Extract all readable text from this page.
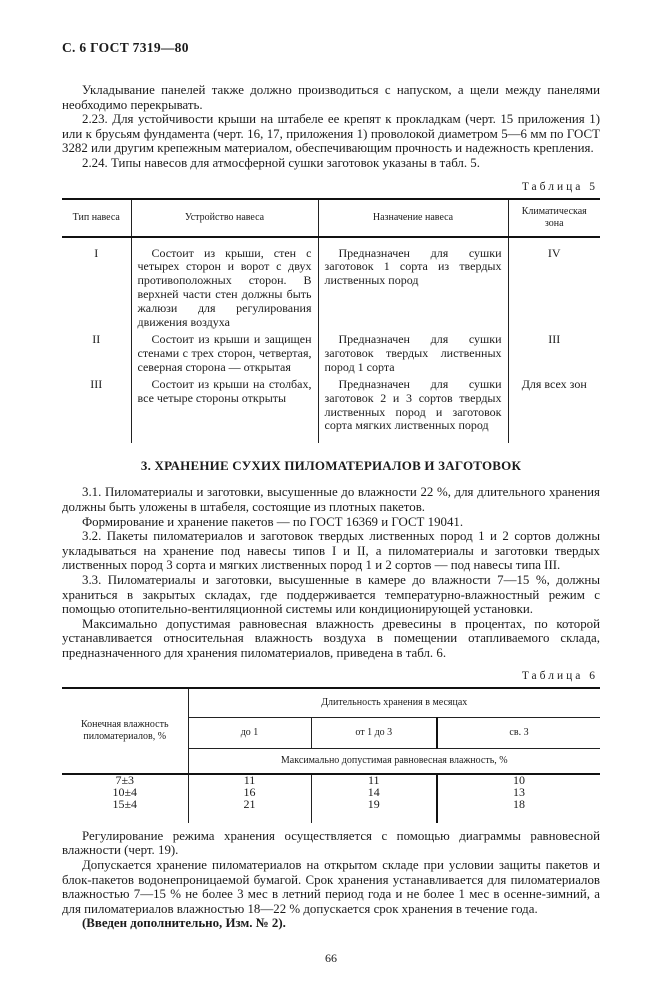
С. 6 ГОСТ 7319—80

Укладывание панелей также должно производиться с напуском, а щели между панелями необходимо перекрывать.

2.23. Для устойчивости крыши на штабеле ее крепят к прокладкам (черт. 15 приложения 1) или к брусьям фундамента (черт. 16, 17, приложения 1) проволокой диаметром 5—6 мм по ГОСТ 3282 или другим крепежным материалом, обеспечивающим прочность и надежность крепления.

2.24. Типы навесов для атмосферной сушки заготовок указаны в табл. 5.

Таблица 5
Тип навеса	Устройство навеса	Назначение навеса	Климатическая зона
I	Состоит из крыши, стен с четырех сторон и ворот с двух противоположных сторон. В верхней части стен должны быть жалюзи для регулирования движения воздуха	Предназначен для сушки заготовок 1 сорта из твердых лиственных пород	IV
II	Состоит из крыши и защищен стенами с трех сторон, четвертая, северная сторона — открытая	Предназначен для сушки заготовок твердых лиственных пород 1 сорта	III
III	Состоит из крыши на столбах, все четыре стороны открыты	Предназначен для сушки заготовок 2 и 3 сортов твердых лиственных пород и заготовок сорта мягких лиственных пород	Для всех зон
3. ХРАНЕНИЕ СУХИХ ПИЛОМАТЕРИАЛОВ И ЗАГОТОВОК

3.1. Пиломатериалы и заготовки, высушенные до влажности 22 %, для длительного хранения должны быть уложены в штабеля, состоящие из плотных пакетов.

Формирование и хранение пакетов — по ГОСТ 16369 и ГОСТ 19041.

3.2. Пакеты пиломатериалов и заготовок твердых лиственных пород 1 и 2 сортов должны укладываться на хранение под навесы типов I и II, а пиломатериалы и заготовки твердых лиственных пород 3 сорта и мягких лиственных пород 1 и 2 сортов — под навесы типа III.

3.3. Пиломатериалы и заготовки, высушенные в камере до влажности 7—15 %, должны храниться в закрытых складах, где поддерживается температурно-влажностный режим с помощью отопительно-вентиляционной системы или кондиционирующей установки.

Максимально допустимая равновесная влажность древесины в процентах, по которой устанавливается относительная влажность воздуха в помещении отапливаемого склада, предназначенного для хранения пиломатериалов, приведена в табл. 6.

Таблица 6
Конечная влажность пиломатериалов, %	Длительность хранения в месяцах		
	до 1	от 1 до 3	св. 3
	Максимально допустимая равновесная влажность, %		
7±3	11	11	10
10±4	16	14	13
15±4	21	19	18

Регулирование режима хранения осуществляется с помощью диаграммы равновесной влажности (черт. 19).

Допускается хранение пиломатериалов на открытом складе при условии защиты пакетов и блок-пакетов водонепроницаемой бумагой. Срок хранения устанавливается для пиломатериалов влажностью 7—15 % не более 3 мес в летний период года и не более 1 мес в осенне-зимний, а для пиломатериалов влажностью 18—22 % допускается срок хранения в течение года.

(Введен дополнительно, Изм. № 2).

66
